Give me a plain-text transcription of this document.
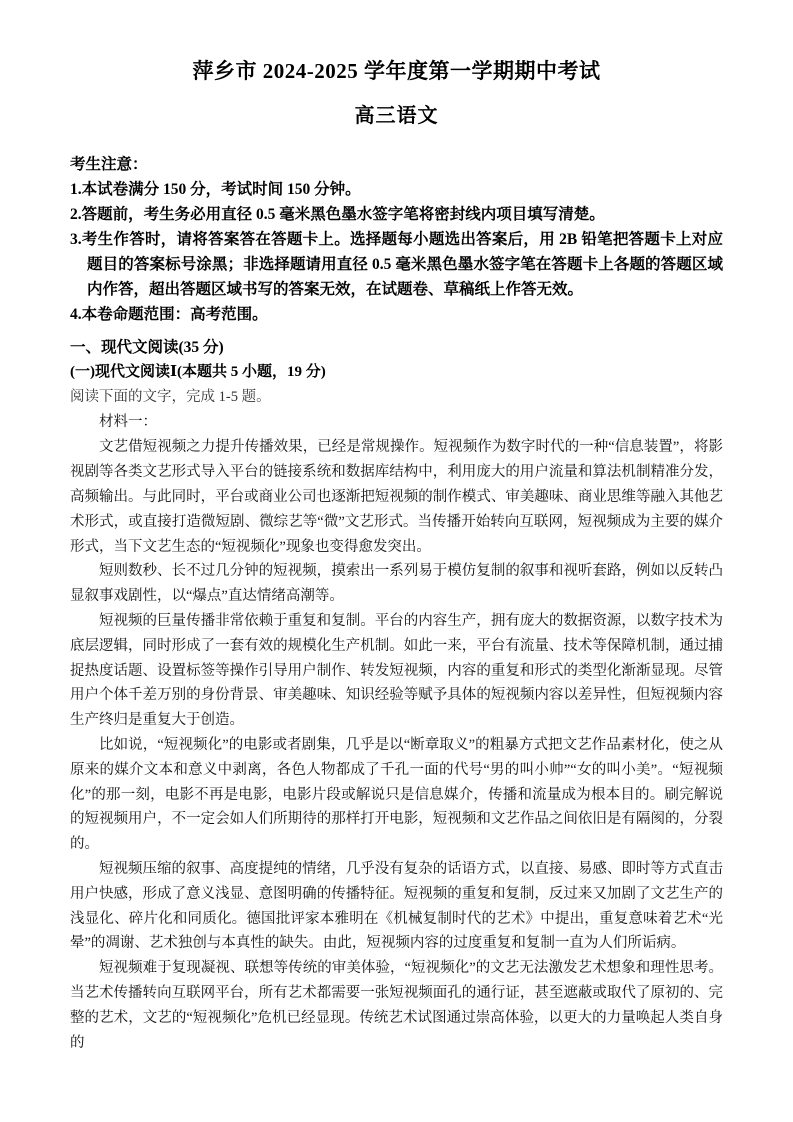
萍乡市 2024-2025 学年度第一学期期中考试
高三语文
考生注意：
1.本试卷满分 150 分，考试时间 150 分钟。
2.答题前，考生务必用直径 0.5 毫米黑色墨水签字笔将密封线内项目填写清楚。
3.考生作答时，请将答案答在答题卡上。选择题每小题选出答案后，用 2B 铅笔把答题卡上对应题目的答案标号涂黑；非选择题请用直径 0.5 毫米黑色墨水签字笔在答题卡上各题的答题区域内作答，超出答题区域书写的答案无效，在试题卷、草稿纸上作答无效。
4.本卷命题范围：高考范围。
一、现代文阅读(35 分)
(一)现代文阅读Ⅰ(本题共 5 小题，19 分)
阅读下面的文字，完成 1-5 题。
材料一：

文艺借短视频之力提升传播效果，已经是常规操作。短视频作为数字时代的一种“信息装置”，将影视剧等各类文艺形式导入平台的链接系统和数据库结构中，利用庞大的用户流量和算法机制精准分发，高频输出。与此同时，平台或商业公司也逐渐把短视频的制作模式、审美趣味、商业思维等融入其他艺术形式，或直接打造微短剧、微综艺等“微”文艺形式。当传播开始转向互联网，短视频成为主要的媒介形式，当下文艺生态的“短视频化”现象也变得愈发突出。

短则数秒、长不过几分钟的短视频，摸索出一系列易于模仿复制的叙事和视听套路，例如以反转凸显叙事戏剧性，以“爆点”直达情绪高潮等。

短视频的巨量传播非常依赖于重复和复制。平台的内容生产，拥有庞大的数据资源，以数字技术为底层逻辑，同时形成了一套有效的规模化生产机制。如此一来，平台有流量、技术等保障机制，通过捕捉热度话题、设置标签等操作引导用户制作、转发短视频，内容的重复和形式的类型化渐渐显现。尽管用户个体千差万别的身份背景、审美趣味、知识经验等赋予具体的短视频内容以差异性，但短视频内容生产终归是重复大于创造。

比如说，“短视频化”的电影或者剧集，几乎是以“断章取义”的粗暴方式把文艺作品素材化，使之从原来的媒介文本和意义中剥离，各色人物都成了千孔一面的代号“男的叫小帅”“女的叫小美”。“短视频化”的那一刻，电影不再是电影，电影片段或解说只是信息媒介，传播和流量成为根本目的。刷完解说的短视频用户，不一定会如人们所期待的那样打开电影，短视频和文艺作品之间依旧是有隔阂的，分裂的。

短视频压缩的叙事、高度提纯的情绪，几乎没有复杂的话语方式，以直接、易感、即时等方式直击用户快感，形成了意义浅显、意图明确的传播特征。短视频的重复和复制，反过来又加剧了文艺生产的浅显化、碎片化和同质化。德国批评家本雅明在《机械复制时代的艺术》中提出，重复意味着艺术“光晕”的凋谢、艺术独创与本真性的缺失。由此，短视频内容的过度重复和复制一直为人们所诟病。

短视频难于复现凝视、联想等传统的审美体验，“短视频化”的文艺无法激发艺术想象和理性思考。当艺术传播转向互联网平台，所有艺术都需要一张短视频面孔的通行证，甚至遮蔽或取代了原初的、完整的艺术，文艺的“短视频化”危机已经显现。传统艺术试图通过崇高体验，以更大的力量唤起人类自身的
